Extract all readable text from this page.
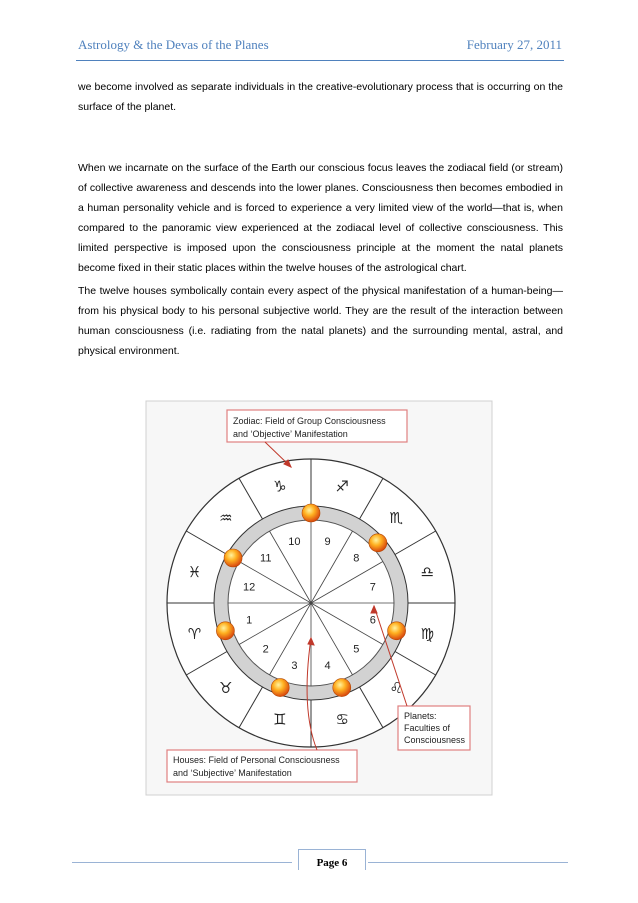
Astrology & the Devas of the Planes	February 27, 2011

we become involved as separate individuals in the creative-evolutionary process that is occurring on the surface of the planet.

When we incarnate on the surface of the Earth our conscious focus leaves the zodiacal field (or stream) of collective awareness and descends into the lower planes. Consciousness then becomes embodied in a human personality vehicle and is forced to experience a very limited view of the world—that is, when compared to the panoramic view experienced at the zodiacal level of collective consciousness. This limited perspective is imposed upon the consciousness principle at the moment the natal planets become fixed in their static places within the twelve houses of the astrological chart.

The twelve houses symbolically contain every aspect of the physical manifestation of a human-being—from his physical body to his personal subjective world. They are the result of the interaction between human consciousness (i.e. radiating from the natal planets) and the surrounding mental, astral, and physical environment.

♑	♐
♏
♎
♍
♌
♋
♊
♉
♈
♓
♒
10 9
8
7
6
5
4
3
2
1
12
11
Zodiac: Field of Group Consciousness
and ‘Objective’ Manifestation
Planets:
Faculties of
Consciousness
Houses: Field of Personal Consciousness
and ‘Subjective’ Manifestation
Page 6
